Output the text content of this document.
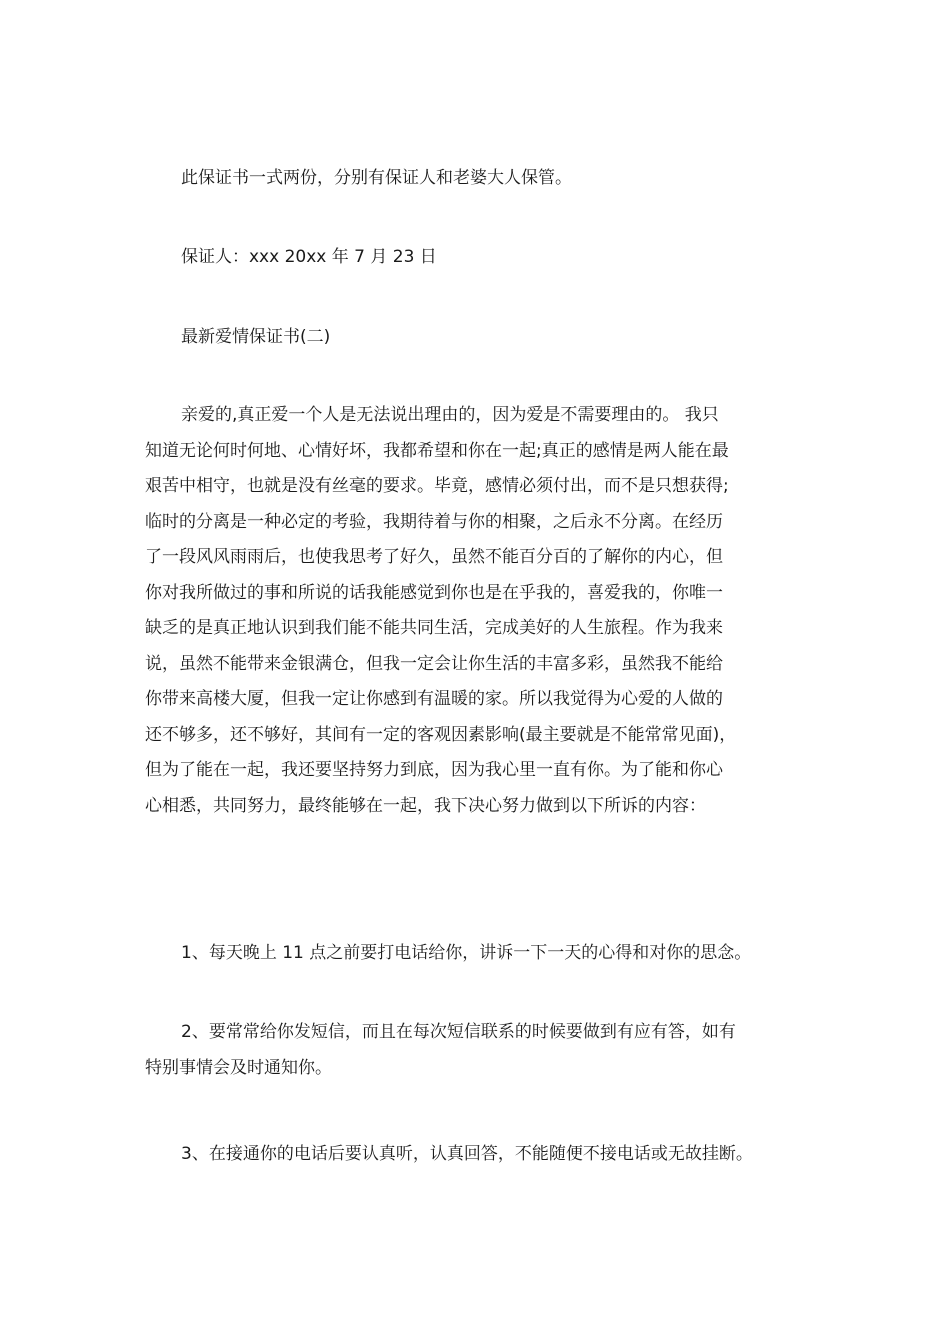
此保证书一式两份，分别有保证人和老婆大人保管。

保证人：xxx 20xx 年 7 月 23 日

最新爱情保证书(二)

亲爱的,真正爱一个人是无法说出理由的，因为爱是不需要理由的。 我只
知道无论何时何地、心情好坏，我都希望和你在一起;真正的感情是两人能在最
艰苦中相守，也就是没有丝毫的要求。毕竟，感情必须付出，而不是只想获得;
临时的分离是一种必定的考验，我期待着与你的相聚，之后永不分离。在经历
了一段风风雨雨后，也使我思考了好久，虽然不能百分百的了解你的内心，但
你对我所做过的事和所说的话我能感觉到你也是在乎我的，喜爱我的，你唯一
缺乏的是真正地认识到我们能不能共同生活，完成美好的人生旅程。作为我来
说，虽然不能带来金银满仓，但我一定会让你生活的丰富多彩，虽然我不能给
你带来高楼大厦，但我一定让你感到有温暖的家。所以我觉得为心爱的人做的
还不够多，还不够好，其间有一定的客观因素影响(最主要就是不能常常见面)，
但为了能在一起，我还要坚持努力到底，因为我心里一直有你。为了能和你心
心相悉，共同努力，最终能够在一起，我下决心努力做到以下所诉的内容：

1、每天晚上 11 点之前要打电话给你，讲诉一下一天的心得和对你的思念。

2、要常常给你发短信，而且在每次短信联系的时候要做到有应有答，如有
特别事情会及时通知你。

3、在接通你的电话后要认真听，认真回答，不能随便不接电话或无故挂断。
